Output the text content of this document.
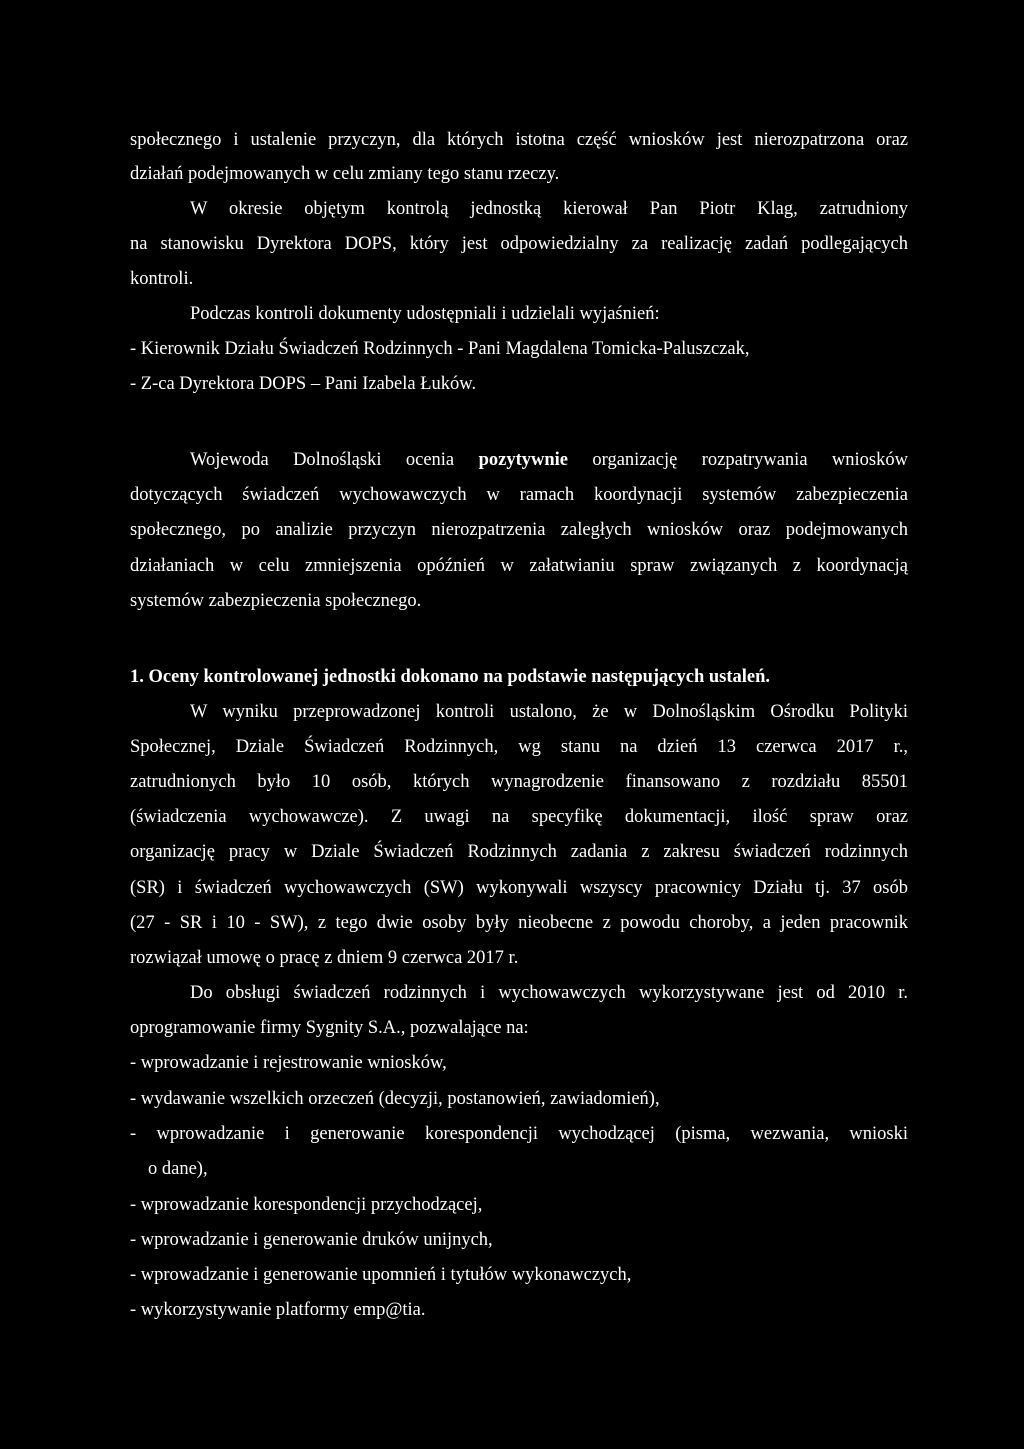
społecznego i ustalenie przyczyn, dla których istotna część wniosków jest nierozpatrzona oraz
działań podejmowanych w celu zmiany tego stanu rzeczy.
W okresie objętym kontrolą jednostką kierował Pan Piotr Klag, zatrudniony
na stanowisku Dyrektora DOPS, który jest odpowiedzialny za realizację zadań podlegających
kontroli.
Podczas kontroli dokumenty udostępniali i udzielali wyjaśnień:
- Kierownik Działu Świadczeń Rodzinnych - Pani Magdalena Tomicka-Paluszczak,
- Z-ca Dyrektora DOPS – Pani Izabela Łuków.
Wojewoda Dolnośląski ocenia pozytywnie organizację rozpatrywania wniosków
dotyczących świadczeń wychowawczych w ramach koordynacji systemów zabezpieczenia
społecznego, po analizie przyczyn nierozpatrzenia zaległych wniosków oraz podejmowanych
działaniach w celu zmniejszenia opóźnień w załatwianiu spraw związanych z koordynacją
systemów zabezpieczenia społecznego.
1. Oceny kontrolowanej jednostki dokonano na podstawie następujących ustaleń.
W wyniku przeprowadzonej kontroli ustalono, że w Dolnośląskim Ośrodku Polityki
Społecznej, Dziale Świadczeń Rodzinnych, wg stanu na dzień 13 czerwca 2017 r.,
zatrudnionych było 10 osób, których wynagrodzenie finansowano z rozdziału 85501
(świadczenia wychowawcze). Z uwagi na specyfikę dokumentacji, ilość spraw oraz
organizację pracy w Dziale Świadczeń Rodzinnych zadania z zakresu świadczeń rodzinnych
(SR) i świadczeń wychowawczych (SW) wykonywali wszyscy pracownicy Działu tj. 37 osób
(27 - SR i 10 - SW), z tego dwie osoby były nieobecne z powodu choroby, a jeden pracownik
rozwiązał umowę o pracę z dniem 9 czerwca 2017 r.
Do obsługi świadczeń rodzinnych i wychowawczych wykorzystywane jest od 2010 r.
oprogramowanie firmy Sygnity S.A., pozwalające na:
- wprowadzanie i rejestrowanie wniosków,
- wydawanie wszelkich orzeczeń (decyzji, postanowień, zawiadomień),
- wprowadzanie i generowanie korespondencji wychodzącej (pisma, wezwania, wnioski
o dane),
- wprowadzanie korespondencji przychodzącej,
- wprowadzanie i generowanie druków unijnych,
- wprowadzanie i generowanie upomnień i tytułów wykonawczych,
- wykorzystywanie platformy emp@tia.
